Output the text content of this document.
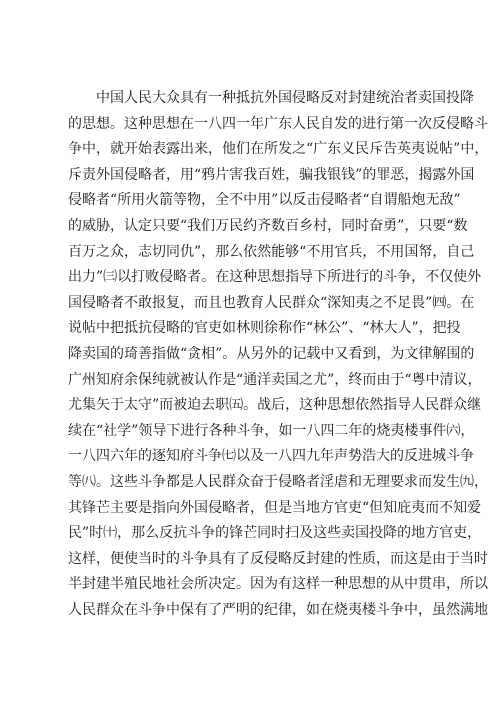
中国人民大众具有一种抵抗外国侵略反对封建统治者卖国投降
的思想。这种思想在一八四一年广东人民自发的进行第一次反侵略斗
争中，就开始表露出来，他们在所发之“广东义民斥告英夷说帖”中，
斥责外国侵略者，用“鸦片害我百姓，骗我银钱”的罪恶，揭露外国
侵略者“所用火箭等物，全不中用”以反击侵略者“自谓船炮无敌”
的威胁，认定只要“我们万民约齐数百乡村，同时奋勇”，只要“数
百万之众，志切同仇”，那么依然能够“不用官兵，不用国帑，自己
出力”㈢以打败侵略者。在这种思想指导下所进行的斗争，不仅使外
国侵略者不敢报复，而且也教育人民群众“深知夷之不足畏”㈣。在
说帖中把抵抗侵略的官吏如林则徐称作“林公”、“林大人”，把投
降卖国的琦善指做“贪相”。从另外的记载中又看到，为文律解围的
广州知府余保纯就被认作是“通洋卖国之尤”，终而由于“粤中清议，
尤集矢于太守”而被迫去职㈤。战后，这种思想依然指导人民群众继
续在“社学”领导下进行各种斗争，如一八四二年的烧夷楼事件㈥，
一八四六年的逐知府斗争㈦以及一八四九年声势浩大的反进城斗争
等㈧。这些斗争都是人民群众奋于侵略者淫虐和无理要求而发生㈨，
其锋芒主要是指向外国侵略者，但是当地方官吏“但知庇夷而不知爱
民”时㈩，那么反抗斗争的锋芒同时扫及这些卖国投降的地方官吏，
这样，便使当时的斗争具有了反侵略反封建的性质，而这是由于当时
半封建半殖民地社会所决定。因为有这样一种思想的从中贯串，所以
人民群众在斗争中保有了严明的纪律，如在烧夷楼斗争中，虽然满地
